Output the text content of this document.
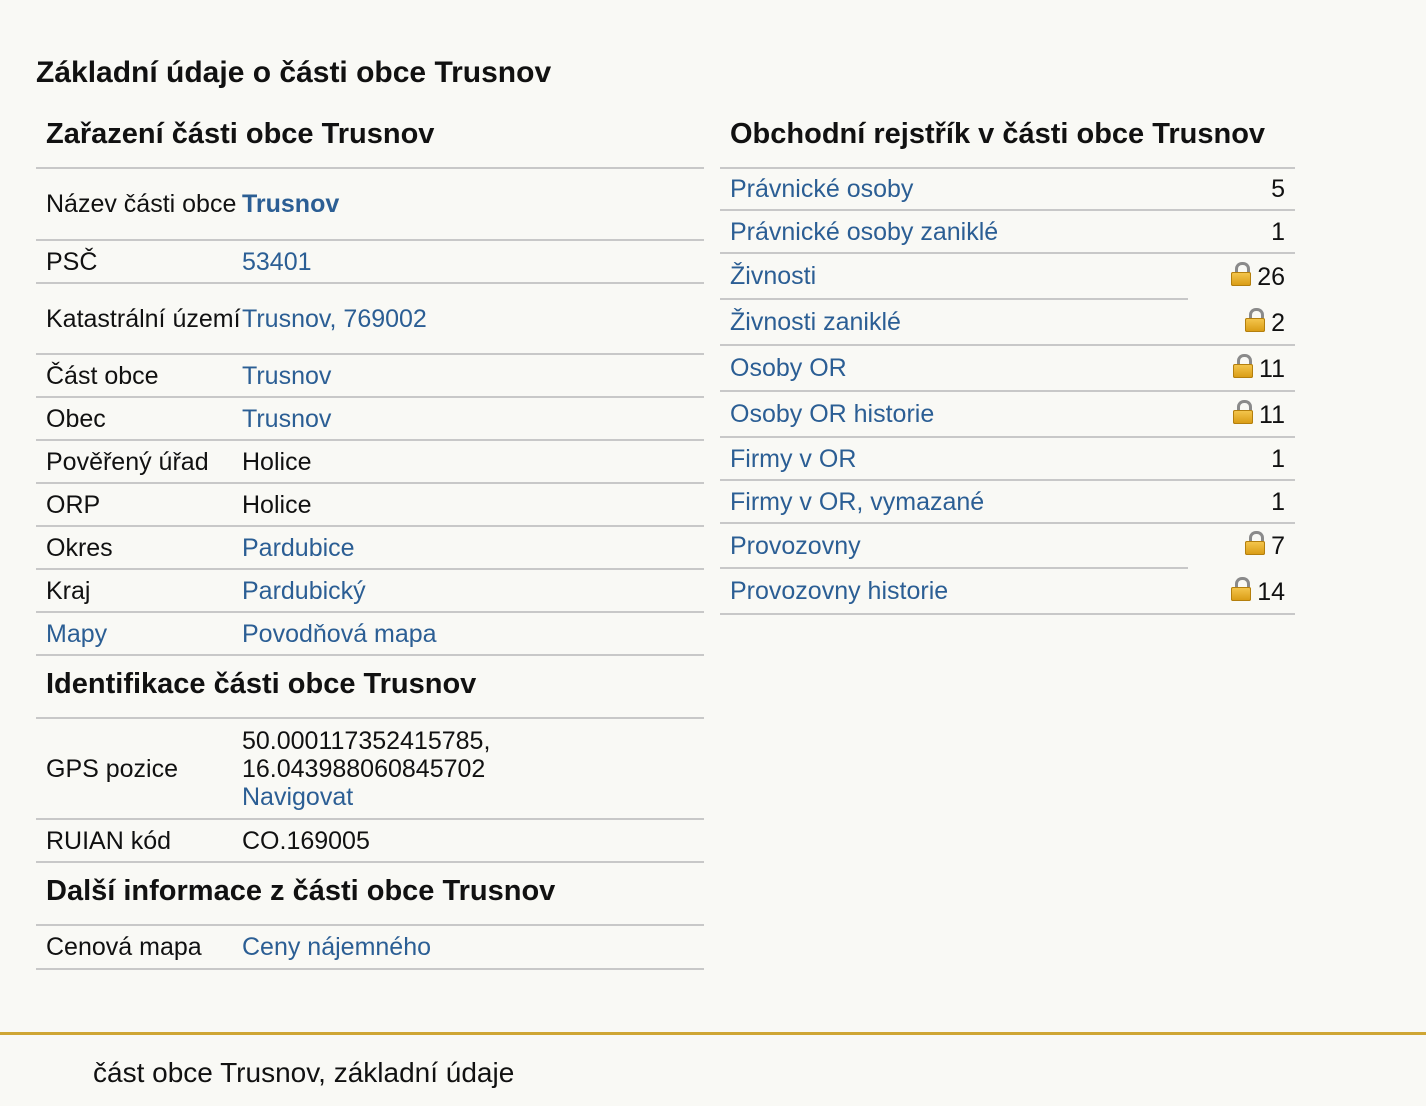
Základní údaje o části obce Trusnov
Zařazení části obce Trusnov
Název části obce	Trusnov
PSČ	53401
Katastrální území	Trusnov, 769002
Část obce	Trusnov
Obec	Trusnov
Pověřený úřad	Holice
ORP	Holice
Okres	Pardubice
Kraj	Pardubický
Mapy	Povodňová mapa
Identifikace části obce Trusnov
GPS pozice	50.000117352415785,
16.043988060845702
Navigovat
RUIAN kód	CO.169005
Další informace z části obce Trusnov
Cenová mapa	Ceny nájemného
Obchodní rejstřík v části obce Trusnov
Právnické osoby	5
Právnické osoby zaniklé	1
Živnosti	26
Živnosti zaniklé	2
Osoby OR	11
Osoby OR historie	11
Firmy v OR	1
Firmy v OR, vymazané	1
Provozovny	7
Provozovny historie	14
část obce Trusnov, základní údaje
